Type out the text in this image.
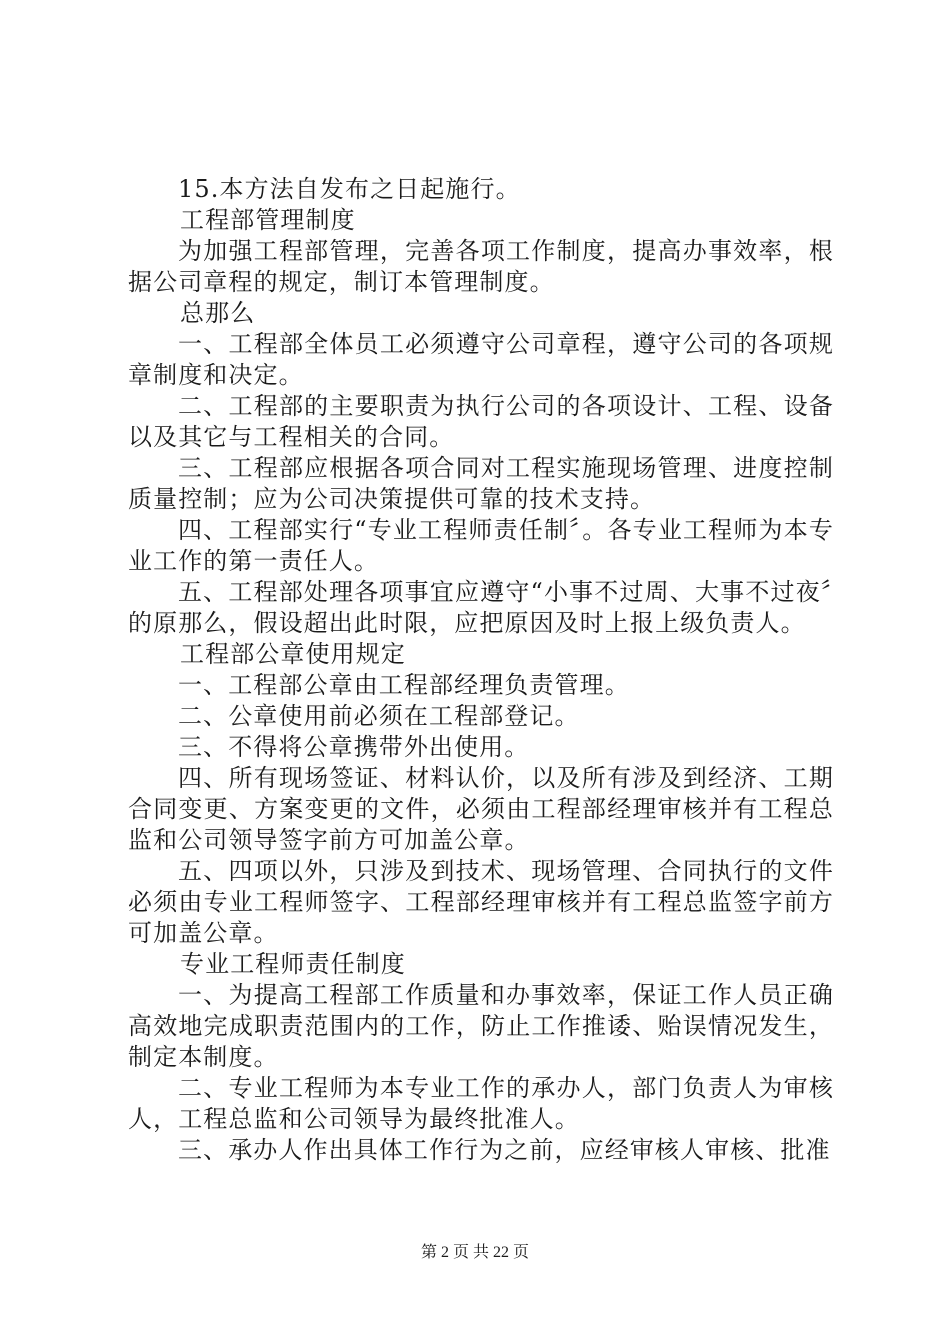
15.本方法自发布之日起施行。

工程部管理制度

为加强工程部管理，完善各项工作制度，提高办事效率，根据公司章程的规定，制订本管理制度。

总那么

一、工程部全体员工必须遵守公司章程，遵守公司的各项规章制度和决定。

二、工程部的主要职责为执行公司的各项设计、工程、设备以及其它与工程相关的合同。

三、工程部应根据各项合同对工程实施现场管理、进度控制质量控制；应为公司决策提供可靠的技术支持。

四、工程部实行“专业工程师责任制〞。各专业工程师为本专业工作的第一责任人。

五、工程部处理各项事宜应遵守“小事不过周、大事不过夜〞的原那么，假设超出此时限，应把原因及时上报上级负责人。

工程部公章使用规定

一、工程部公章由工程部经理负责管理。

二、公章使用前必须在工程部登记。

三、不得将公章携带外出使用。

四、所有现场签证、材料认价，以及所有涉及到经济、工期合同变更、方案变更的文件，必须由工程部经理审核并有工程总监和公司领导签字前方可加盖公章。

五、四项以外，只涉及到技术、现场管理、合同执行的文件必须由专业工程师签字、工程部经理审核并有工程总监签字前方可加盖公章。

专业工程师责任制度

一、为提高工程部工作质量和办事效率，保证工作人员正确高效地完成职责范围内的工作，防止工作推诿、贻误情况发生，制定本制度。

二、专业工程师为本专业工作的承办人，部门负责人为审核人，工程总监和公司领导为最终批准人。

三、承办人作出具体工作行为之前，应经审核人审核、批准

第 2 页 共 22 页
